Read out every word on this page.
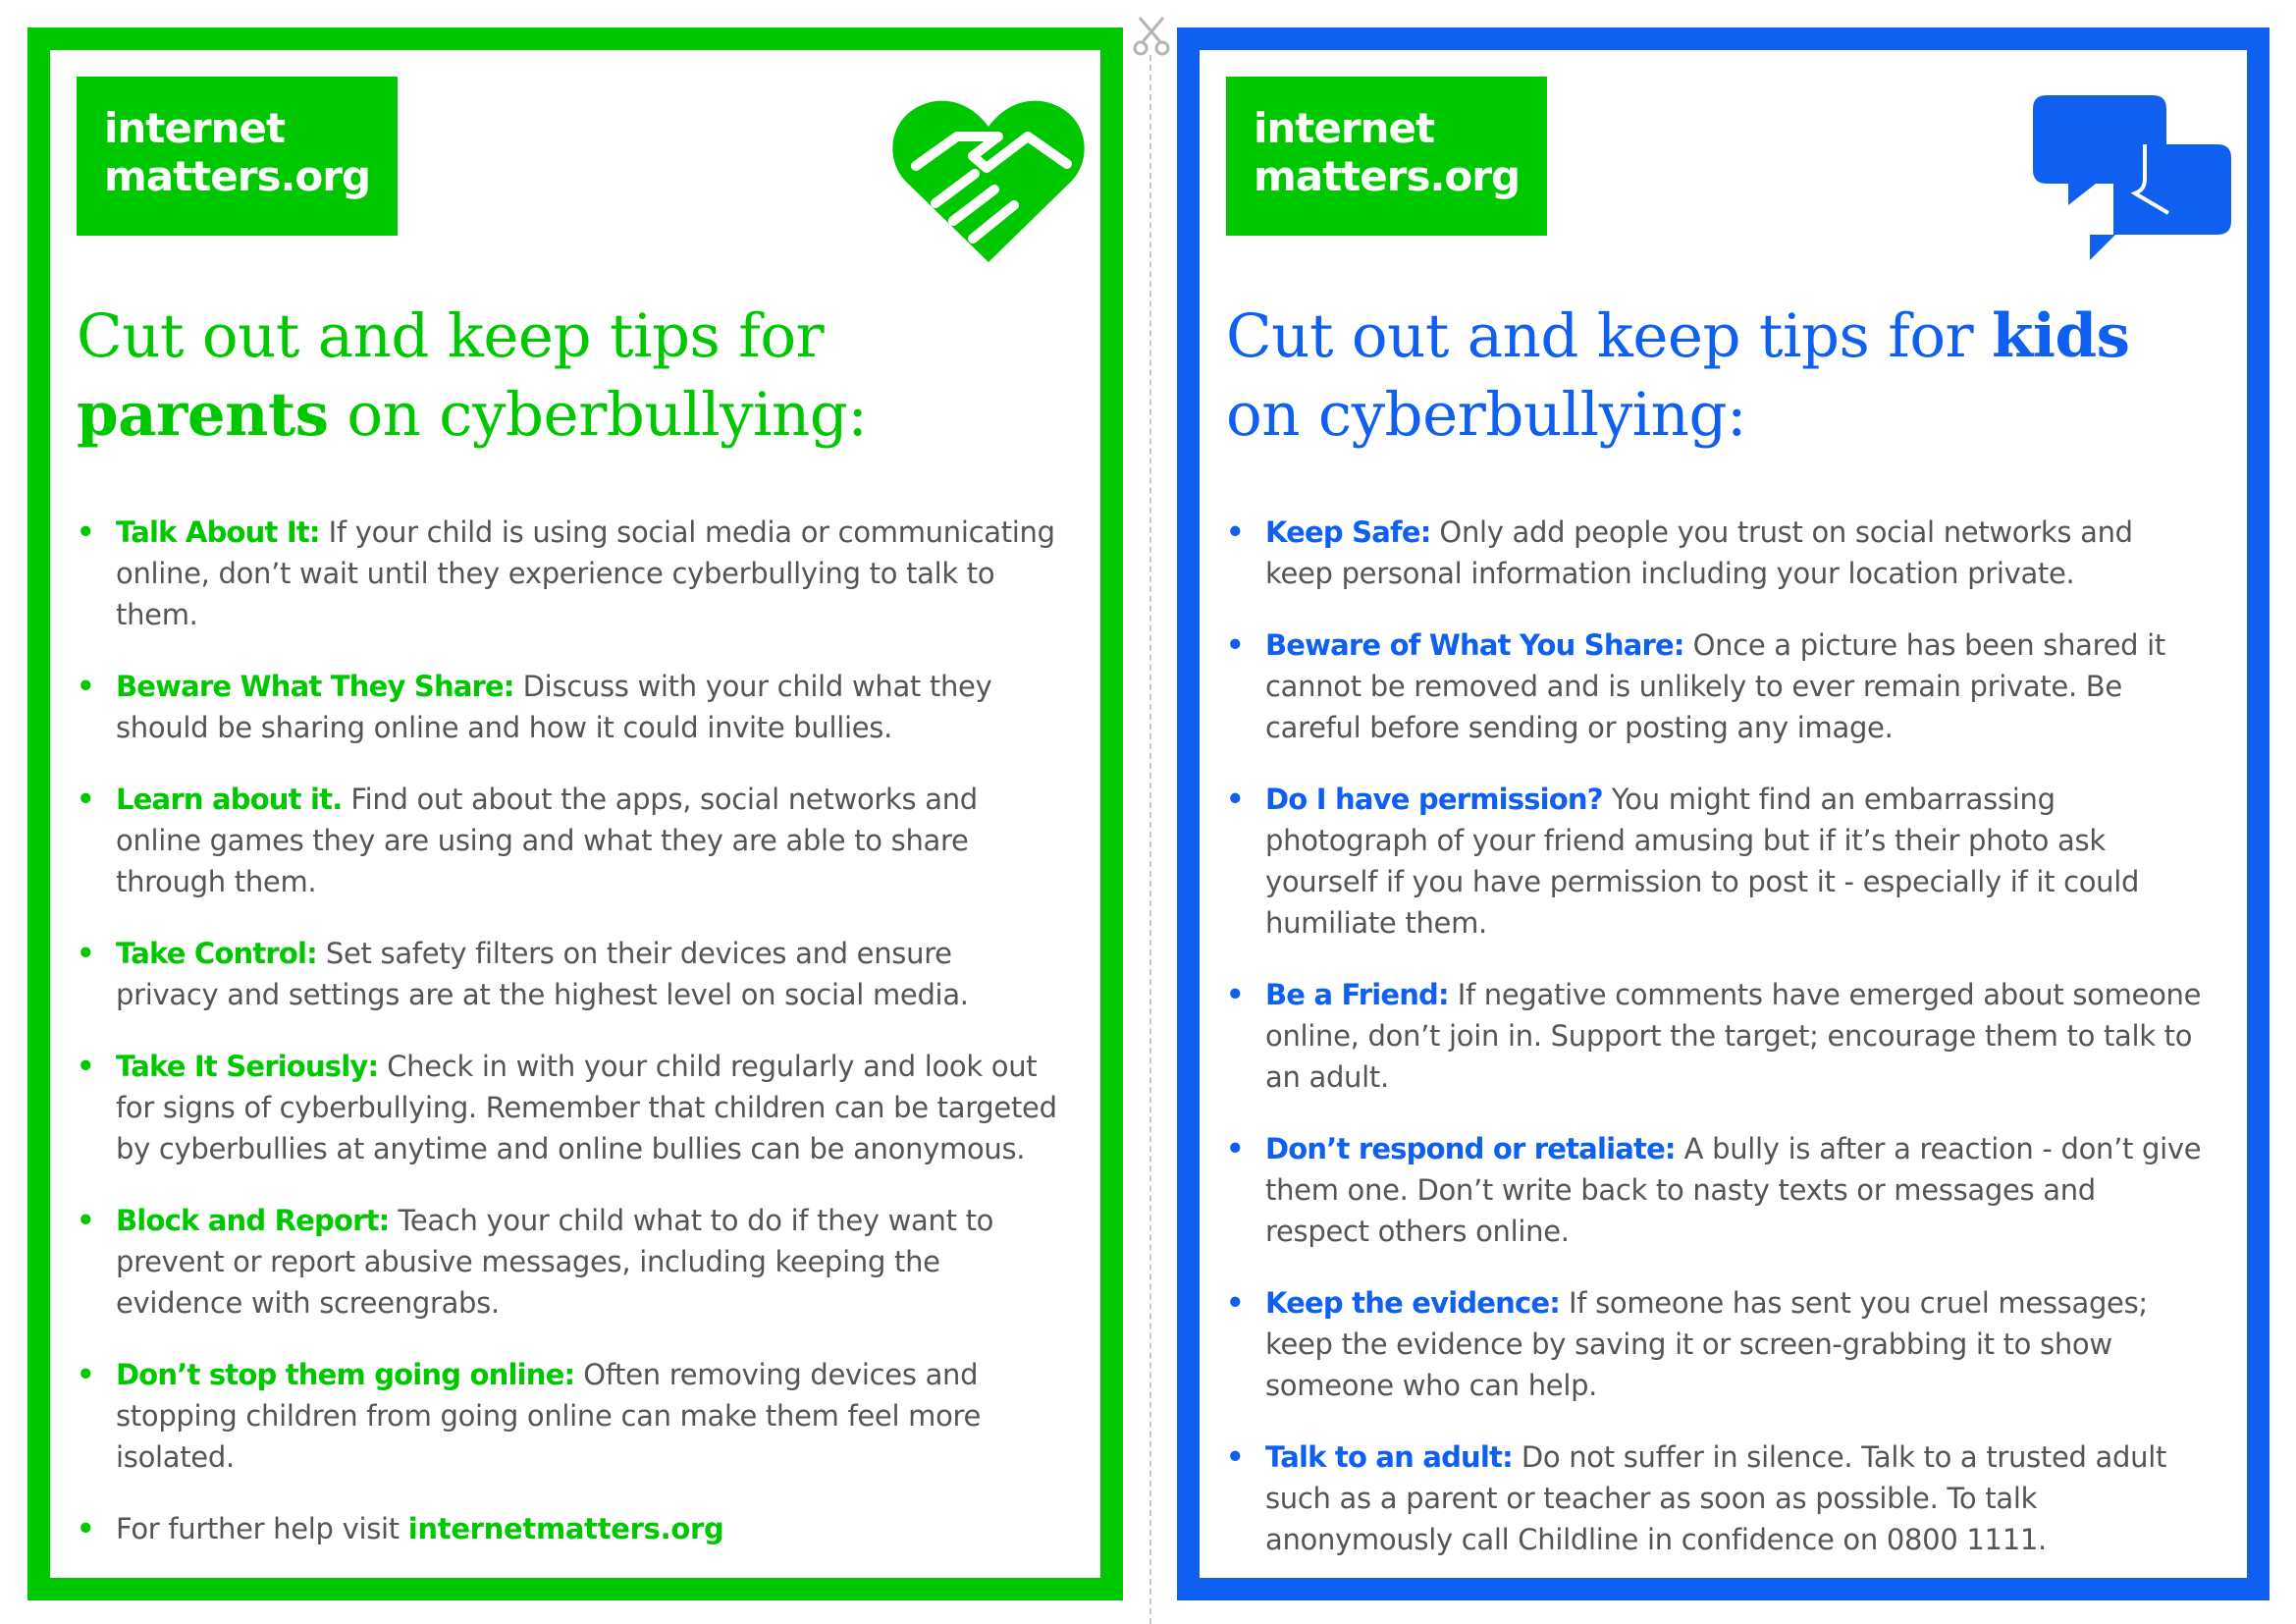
internet
matters.org
Cut out and keep tips for
parents on cyberbullying:
• Talk About It: If your child is using social media or communicating online, don’t wait until they experience cyberbullying to talk to them.
• Beware What They Share: Discuss with your child what they should be sharing online and how it could invite bullies.
• Learn about it. Find out about the apps, social networks and online games they are using and what they are able to share through them.
• Take Control: Set safety filters on their devices and ensure privacy and settings are at the highest level on social media.
• Take It Seriously: Check in with your child regularly and look out for signs of cyberbullying. Remember that children can be targeted by cyberbullies at anytime and online bullies can be anonymous.
• Block and Report: Teach your child what to do if they want to prevent or report abusive messages, including keeping the evidence with screengrabs.
• Don’t stop them going online: Often removing devices and stopping children from going online can make them feel more isolated.
• For further help visit internetmatters.org
internet
matters.org
Cut out and keep tips for kids
on cyberbullying:
• Keep Safe: Only add people you trust on social networks and keep personal information including your location private.
• Beware of What You Share: Once a picture has been shared it cannot be removed and is unlikely to ever remain private. Be careful before sending or posting any image.
• Do I have permission? You might find an embarrassing photograph of your friend amusing but if it’s their photo ask yourself if you have permission to post it - especially if it could humiliate them.
• Be a Friend: If negative comments have emerged about someone online, don’t join in. Support the target; encourage them to talk to an adult.
• Don’t respond or retaliate: A bully is after a reaction - don’t give them one. Don’t write back to nasty texts or messages and respect others online.
• Keep the evidence: If someone has sent you cruel messages; keep the evidence by saving it or screen-grabbing it to show someone who can help.
• Talk to an adult: Do not suffer in silence. Talk to a trusted adult such as a parent or teacher as soon as possible. To talk anonymously call Childline in confidence on 0800 1111.
